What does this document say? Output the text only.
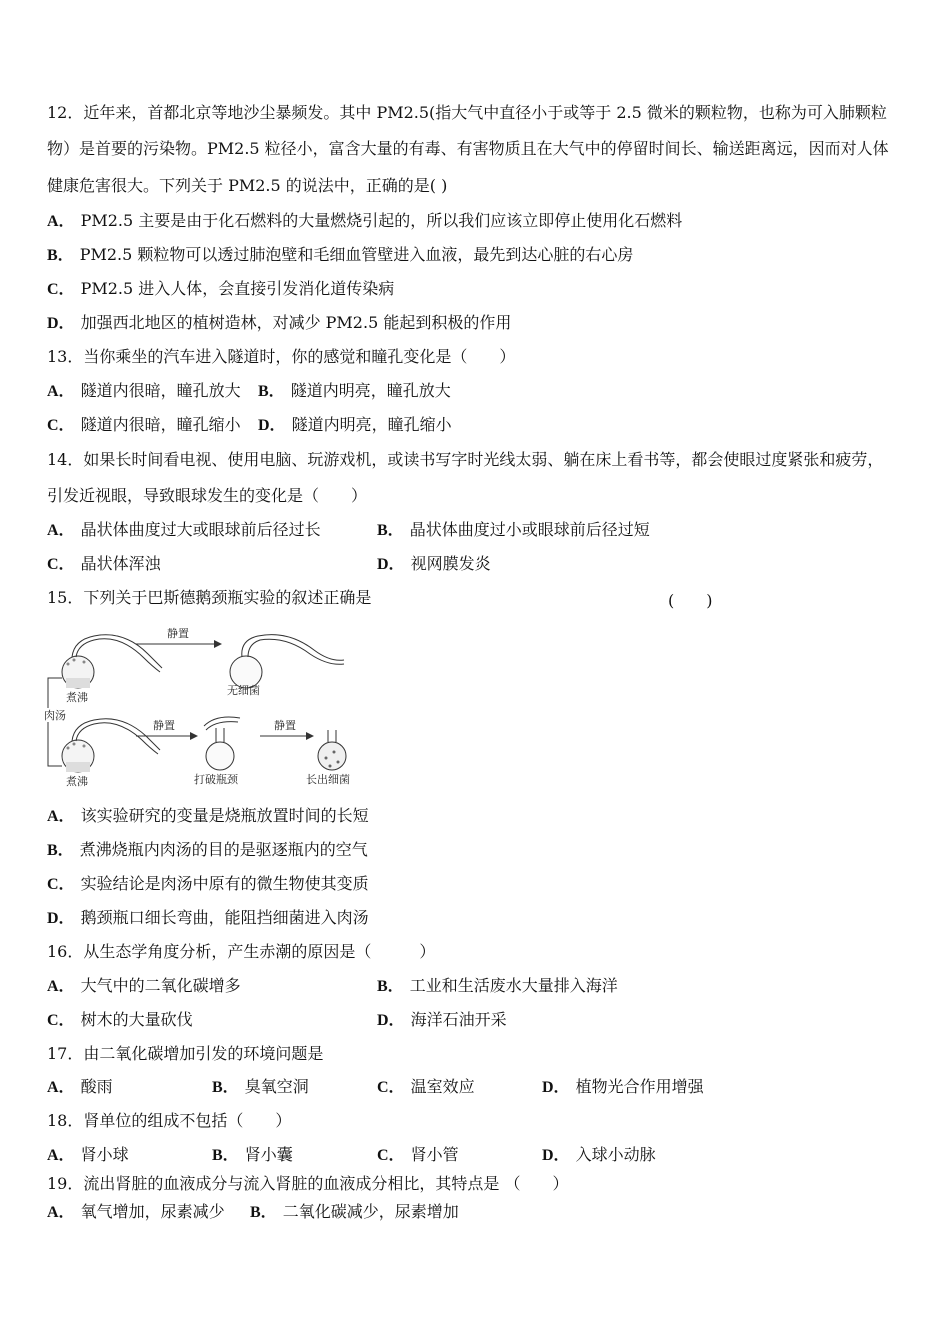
12．近年来，首都北京等地沙尘暴频发。其中 PM2.5(指大气中直径小于或等于 2.5 微米的颗粒物，也称为可入肺颗粒
物）是首要的污染物。PM2.5 粒径小，富含大量的有毒、有害物质且在大气中的停留时间长、输送距离远，因而对人体
健康危害很大。下列关于 PM2.5 的说法中，正确的是( )
A． PM2.5 主要是由于化石燃料的大量燃烧引起的，所以我们应该立即停止使用化石燃料
B． PM2.5 颗粒物可以透过肺泡壁和毛细血管壁进入血液，最先到达心脏的右心房
C． PM2.5 进入人体，会直接引发消化道传染病
D． 加强西北地区的植树造林，对减少 PM2.5 能起到积极的作用
13．当你乘坐的汽车进入隧道时，你的感觉和瞳孔变化是（　　）
A． 隧道内很暗，瞳孔放大 B． 隧道内明亮，瞳孔放大
C． 隧道内很暗，瞳孔缩小 D． 隧道内明亮，瞳孔缩小
14．如果长时间看电视、使用电脑、玩游戏机，或读书写字时光线太弱、躺在床上看书等，都会使眼过度紧张和疲劳，
引发近视眼，导致眼球发生的变化是（　　）
A． 晶状体曲度过大或眼球前后径过长	B． 晶状体曲度过小或眼球前后径过短
C． 晶状体浑浊	D． 视网膜发炎
15．下列关于巴斯德鹅颈瓶实验的叙述正确是	(　　)
煮沸
静置
无细菌
肉汤
煮沸
静置
打破瓶颈
静置
长出细菌
A． 该实验研究的变量是烧瓶放置时间的长短
B． 煮沸烧瓶内肉汤的目的是驱逐瓶内的空气
C． 实验结论是肉汤中原有的微生物使其变质
D． 鹅颈瓶口细长弯曲，能阻挡细菌进入肉汤
16．从生态学角度分析，产生赤潮的原因是（　　　）
A． 大气中的二氧化碳增多	B． 工业和生活废水大量排入海洋
C． 树木的大量砍伐	D． 海洋石油开采
17．由二氧化碳增加引发的环境问题是
A． 酸雨	B． 臭氧空洞	C． 温室效应	D． 植物光合作用增强
18．肾单位的组成不包括（　　）
A． 肾小球	B． 肾小囊	C． 肾小管	D． 入球小动脉
19．流出肾脏的血液成分与流入肾脏的血液成分相比，其特点是 （　　）
A． 氧气增加，尿素减少 B． 二氧化碳减少，尿素增加
